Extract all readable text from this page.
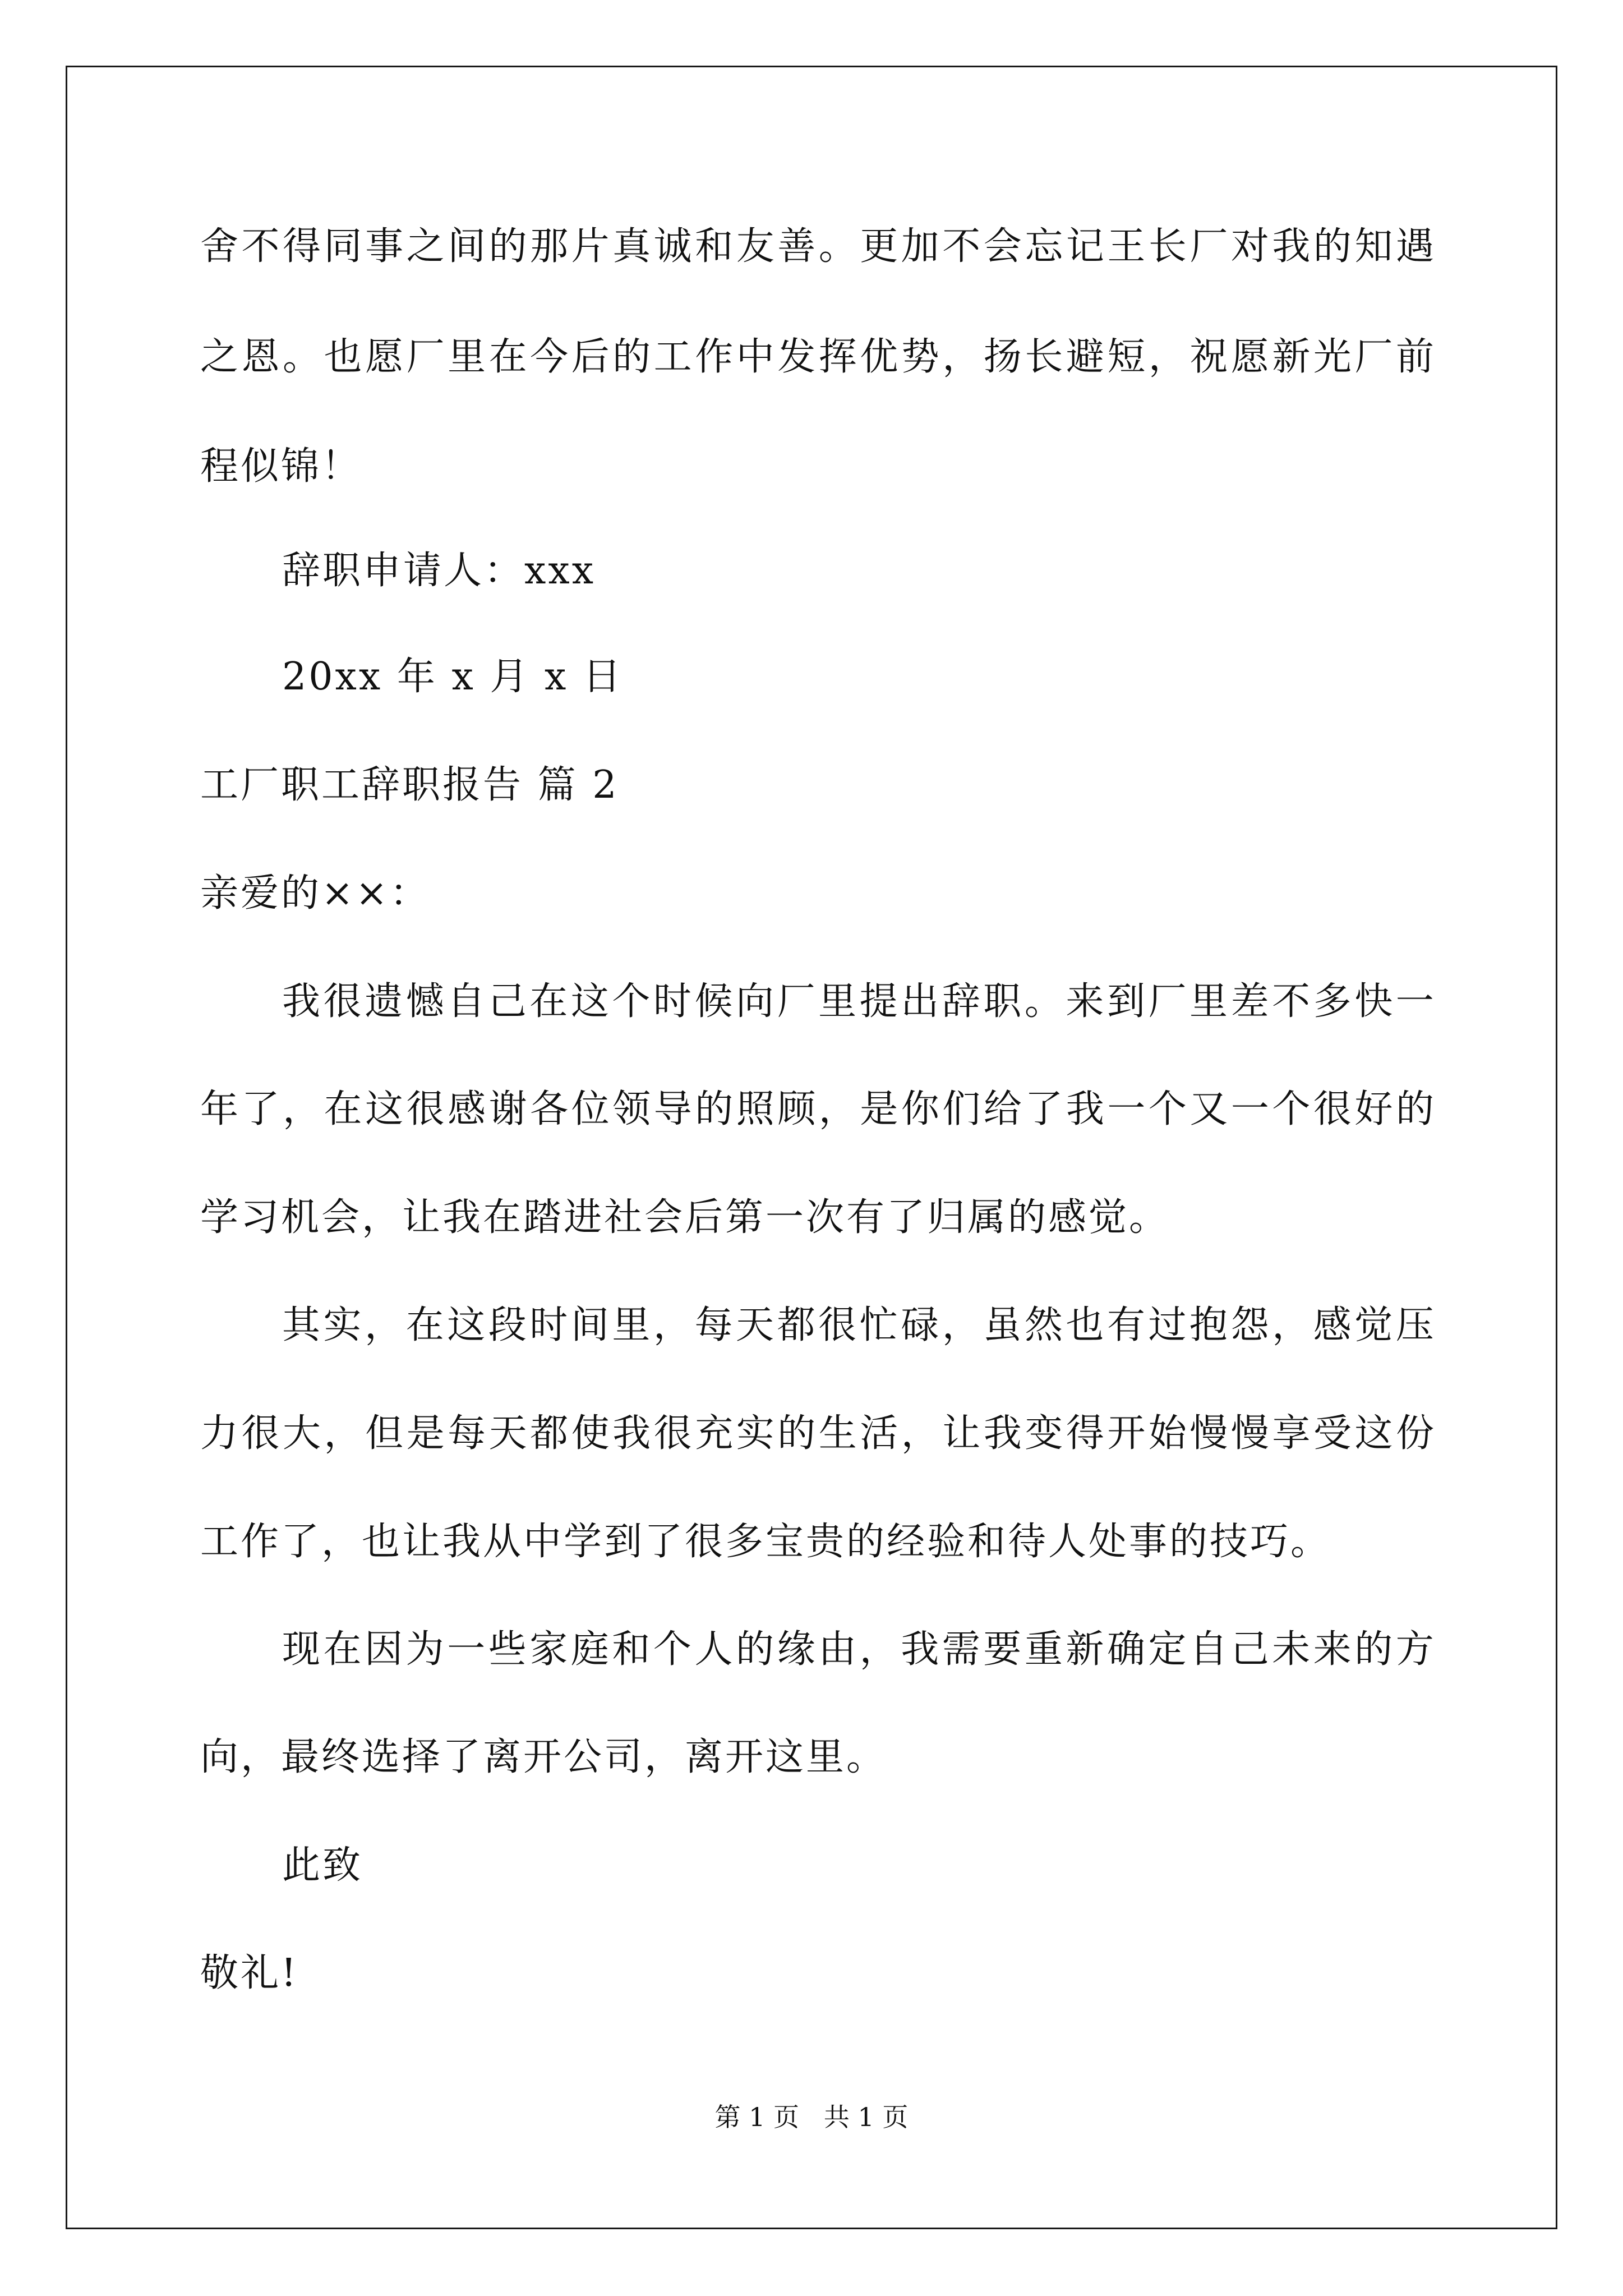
舍 不 得 同 事 之 间 的 那 片 真 诚 和 友 善 。 更 加 不 会 忘 记 王 长 厂 对 我 的 知 遇
之 恩 。 也 愿 厂 里 在 今 后 的 工 作 中 发 挥 优 势 ， 扬 长 避 短 ， 祝 愿 新 光 厂 前
程似锦！
辞职申请人：xxx
20xx 年 x 月 x 日
工厂职工辞职报告 篇 2
亲爱的××：
我 很 遗 憾 自 己 在 这 个 时 候 向 厂 里 提 出 辞 职 。 来 到 厂 里 差 不 多 快 一
年 了 ， 在 这 很 感 谢 各 位 领 导 的 照 顾 ， 是 你 们 给 了 我 一 个 又 一 个 很 好 的
学习机会，让我在踏进社会后第一次有了归属的感觉。
其 实 ， 在 这 段 时 间 里 ， 每 天 都 很 忙 碌 ， 虽 然 也 有 过 抱 怨 ， 感 觉 压
力 很 大 ， 但 是 每 天 都 使 我 很 充 实 的 生 活 ， 让 我 变 得 开 始 慢 慢 享 受 这 份
工作了，也让我从中学到了很多宝贵的经验和待人处事的技巧。
现 在 因 为 一 些 家 庭 和 个 人 的 缘 由 ， 我 需 要 重 新 确 定 自 己 未 来 的 方
向，最终选择了离开公司，离开这里。
此致
敬礼!
第 1 页   共 1 页
